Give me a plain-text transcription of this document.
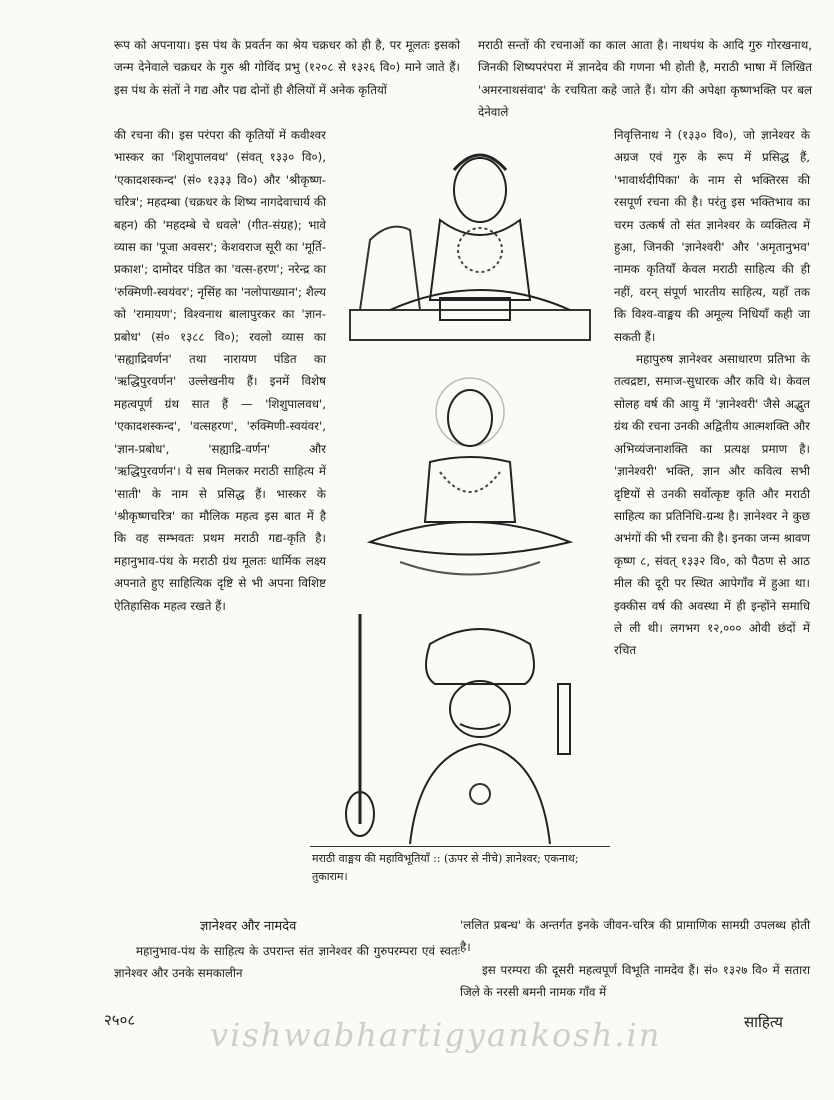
रूप को अपनाया। इस पंथ के प्रवर्तन का श्रेय चक्रधर को ही है, पर मूलतः इसको जन्म देनेवाले चक्रधर के गुरु श्री गोविंद प्रभु (१२०८ से १३२६ वि०) माने जाते हैं। इस पंथ के संतों ने गद्य और पद्य दोनों ही शैलियों में अनेक कृतियों

की रचना की। इस परंपरा की कृतियों में कवीश्वर भास्कर का 'शिशुपालवध' (संवत् १३३० वि०), 'एकादशस्कन्द' (सं० १३३३ वि०) और 'श्रीकृष्ण-चरित्र'; महदम्बा (चक्रधर के शिष्य नागदेवाचार्य की बहन) की 'महदम्बे चे धवले' (गीत-संग्रह); भावे व्यास का 'पूजा अवसर'; केशवराज सूरी का 'मूर्ति-प्रकाश'; दामोदर पंडित का 'वत्स-हरण'; नरेन्द्र का 'रुक्मिणी-स्वयंवर'; नृसिंह का 'नलोपाख्यान'; शैल्य को 'रामायण'; विश्वनाथ बालापुरकर का 'ज्ञान-प्रबोध' (सं० १३८८ वि०); रवलो व्यास का 'सह्याद्रिवर्णन' तथा नारायण पंडित का 'ऋद्धिपुरवर्णन' उल्लेखनीय हैं। इनमें विशेष महत्वपूर्ण ग्रंथ सात हैं — 'शिशुपालवध', 'एकादशस्कन्द', 'वत्सहरण', 'रुक्मिणी-स्वयंवर', 'ज्ञान-प्रबोध', 'सह्याद्रि-वर्णन' और 'ऋद्धिपुरवर्णन'। ये सब मिलकर मराठी साहित्य में 'साती' के नाम से प्रसिद्ध हैं। भास्कर के 'श्रीकृष्णचरित्र' का मौलिक महत्व इस बात में है कि वह सम्भवतः प्रथम मराठी गद्य-कृति है। महानुभाव-पंथ के मराठी ग्रंथ मूलतः धार्मिक लक्ष्य अपनाते हुए साहित्यिक दृष्टि से भी अपना विशिष्ट ऐतिहासिक महत्व रखते हैं।

मराठी सन्तों की रचनाओं का काल आता है। नाथपंथ के आदि गुरु गोरखनाथ, जिनकी शिष्यपरंपरा में ज्ञानदेव की गणना भी होती है, मराठी भाषा में लिखित 'अमरनाथसंवाद' के रचयिता कहे जाते हैं। योग की अपेक्षा कृष्णभक्ति पर बल देनेवाले

निवृत्तिनाथ ने (१३३० वि०), जो ज्ञानेश्वर के अग्रज एवं गुरु के रूप में प्रसिद्ध हैं, 'भावार्थदीपिका' के नाम से भक्तिरस की रसपूर्ण रचना की है। परंतु इस भक्तिभाव का चरम उत्कर्ष तो संत ज्ञानेश्वर के व्यक्तित्व में हुआ, जिनकी 'ज्ञानेश्वरी' और 'अमृतानुभव' नामक कृतियाँ केवल मराठी साहित्य की ही नहीं, वरन् संपूर्ण भारतीय साहित्य, यहाँ तक कि विश्व-वाङ्मय की अमूल्य निधियाँ कही जा सकती हैं।

महापुरुष ज्ञानेश्वर असाधारण प्रतिभा के तत्वद्रष्टा, समाज-सुधारक और कवि थे। केवल सोलह वर्ष की आयु में 'ज्ञानेश्वरी' जैसे अद्भुत ग्रंथ की रचना उनकी अद्वितीय आत्मशक्ति और अभिव्यंजनाशक्ति का प्रत्यक्ष प्रमाण है। 'ज्ञानेश्वरी' भक्ति, ज्ञान और कवित्व सभी दृष्टियों से उनकी सर्वोत्कृष्ट कृति और मराठी साहित्य का प्रतिनिधि-ग्रन्थ है। ज्ञानेश्वर ने कुछ अभंगों की भी रचना की है। इनका जन्म श्रावण कृष्ण ८, संवत् १३३२ वि०, को पैठण से आठ मील की दूरी पर स्थित आपेगाँव में हुआ था। इक्कीस वर्ष की अवस्था में ही इन्होंने समाधि ले ली थी। लगभग १२,००० ओवी छंदों में रचित

मराठी वाङ्मय की महाविभूतियाँ :: (ऊपर से नीचे) ज्ञानेश्वर; एकनाथ; तुकाराम।
ज्ञानेश्वर और नामदेव

महानुभाव-पंथ के साहित्य के उपरान्त संत ज्ञानेश्वर की गुरुपरम्परा एवं स्वतः ज्ञानेश्वर और उनके समकालीन

'ललित प्रबन्ध' के अन्तर्गत इनके जीवन-चरित्र की प्रामाणिक सामग्री उपलब्ध होती है।

इस परम्परा की दूसरी महत्वपूर्ण विभूति नामदेव हैं। सं० १३२७ वि० में सतारा जिले के नरसी बमनी नामक गाँव में

२५०८ vishwabhartigyankosh.in	साहित्य
